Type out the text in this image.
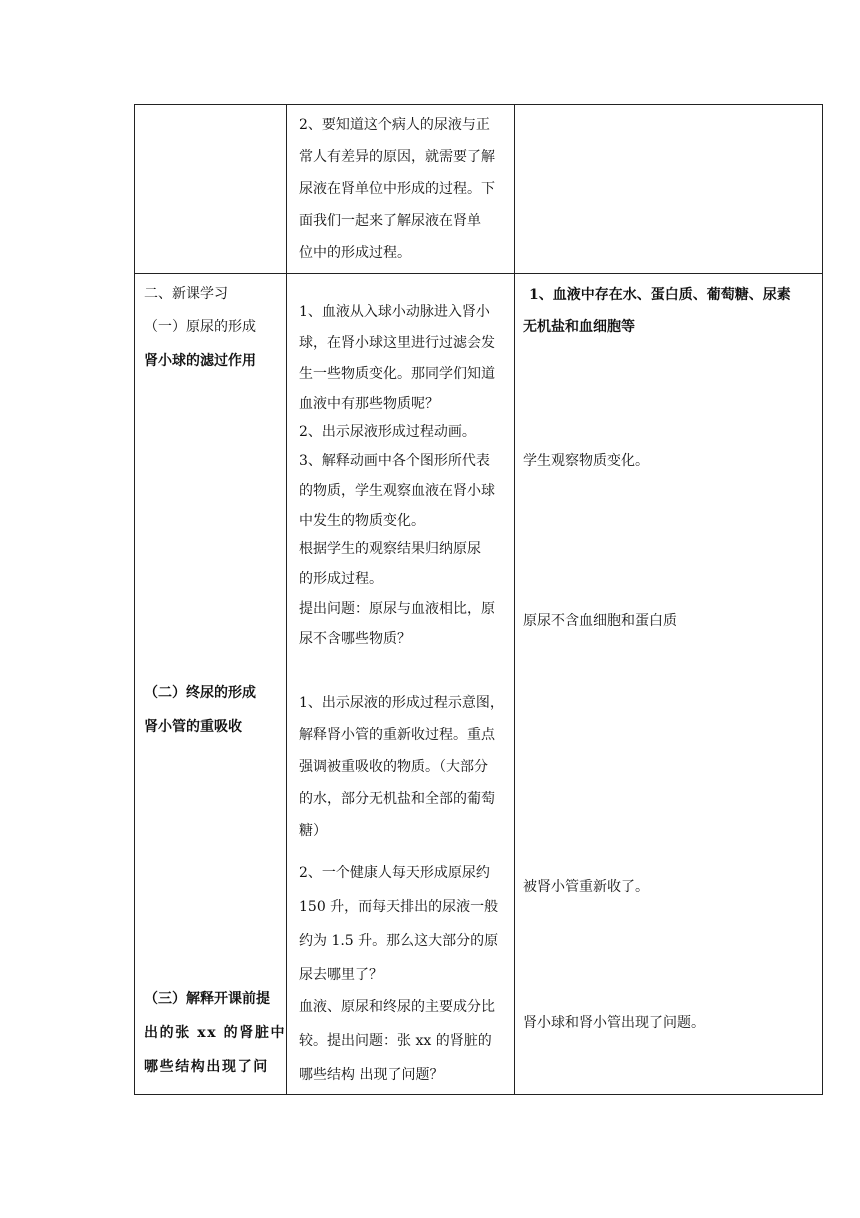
2、要知道这个病人的尿液与正
常人有差异的原因，就需要了解
尿液在肾单位中形成的过程。下
面我们一起来了解尿液在肾单
位中的形成过程。
二、新课学习
（一）原尿的形成
肾小球的滤过作用
（二）终尿的形成
肾小管的重吸收
（三）解释开课前提
出的张 xx 的肾脏中
哪些结构出现了问
1、血液从入球小动脉进入肾小
球，在肾小球这里进行过滤会发
生一些物质变化。那同学们知道
血液中有那些物质呢？
2、出示尿液形成过程动画。
3、解释动画中各个图形所代表
的物质，学生观察血液在肾小球
中发生的物质变化。
根据学生的观察结果归纳原尿
的形成过程。
提出问题：原尿与血液相比，原
尿不含哪些物质？
1、出示尿液的形成过程示意图，
解释肾小管的重新收过程。重点
强调被重吸收的物质。（大部分
的水，部分无机盐和全部的葡萄
糖）
2、一个健康人每天形成原尿约
150 升，而每天排出的尿液一般
约为 1.5 升。那么这大部分的原
尿去哪里了？
血液、原尿和终尿的主要成分比
较。提出问题：张 xx 的肾脏的
哪些结构 出现了问题？
1、血液中存在水、蛋白质、葡萄糖、尿素
无机盐和血细胞等
学生观察物质变化。
原尿不含血细胞和蛋白质
被肾小管重新收了。
肾小球和肾小管出现了问题。
